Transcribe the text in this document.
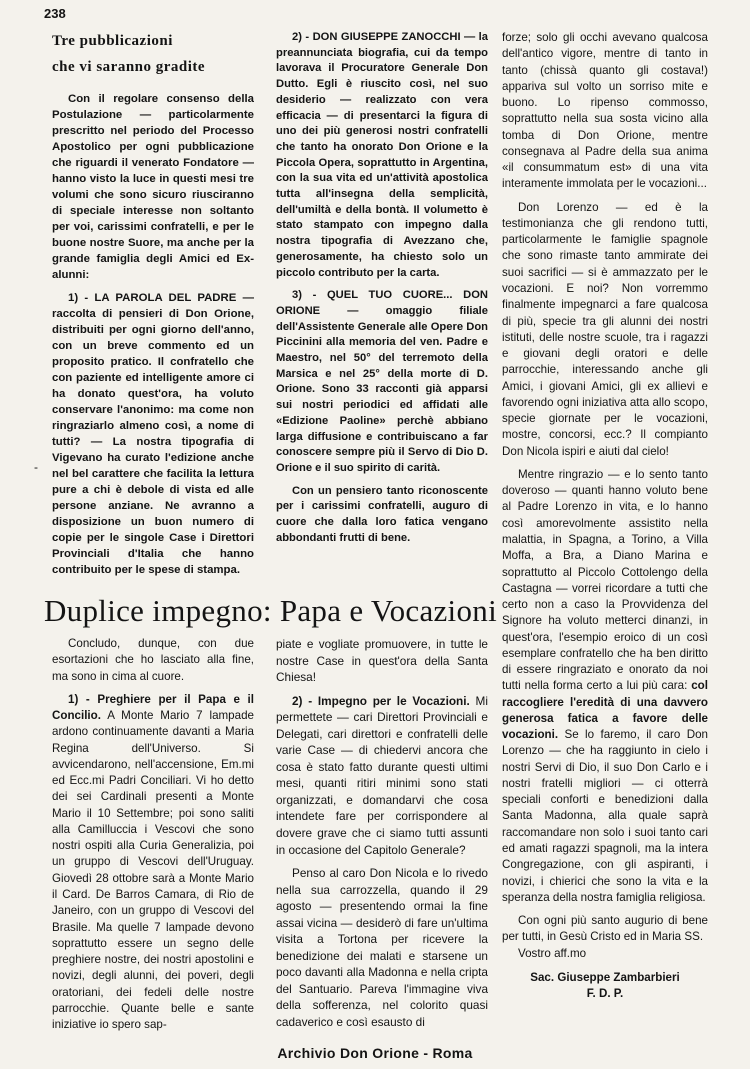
238
-
Tre pubblicazioni
che vi saranno gradite

Con il regolare consenso della Postulazione — particolarmente prescritto nel periodo del Processo Apostolico per ogni pubblicazione che riguardi il venerato Fondatore — hanno visto la luce in questi mesi tre volumi che sono sicuro riusciranno di speciale interesse non soltanto per voi, carissimi confratelli, e per le buone nostre Suore, ma anche per la grande famiglia degli Amici ed Ex-alunni:

1) - LA PAROLA DEL PADRE — raccolta di pensieri di Don Orione, distribuiti per ogni giorno dell'anno, con un breve commento ed un proposito pratico. Il confratello che con paziente ed intelligente amore ci ha donato quest'ora, ha voluto conservare l'anonimo: ma come non ringraziarlo almeno così, a nome di tutti? — La nostra tipografia di Vigevano ha curato l'edizione anche nel bel carattere che facilita la lettura pure a chi è debole di vista ed alle persone anziane. Ne avranno a disposizione un buon numero di copie per le singole Case i Direttori Provinciali d'Italia che hanno contribuito per le spese di stampa.

2) - DON GIUSEPPE ZANOCCHI — la preannunciata biografia, cui da tempo lavorava il Procuratore Generale Don Dutto. Egli è riuscito così, nel suo desiderio — realizzato con vera efficacia — di presentarci la figura di uno dei più generosi nostri confratelli che tanto ha onorato Don Orione e la Piccola Opera, soprattutto in Argentina, con la sua vita ed un'attività apostolica tutta all'insegna della semplicità, dell'umiltà e della bontà. Il volumetto è stato stampato con impegno dalla nostra tipografia di Avezzano che, generosamente, ha chiesto solo un piccolo contributo per la carta.

3) - QUEL TUO CUORE... DON ORIONE — omaggio filiale dell'Assistente Generale alle Opere Don Piccinini alla memoria del ven. Padre e Maestro, nel 50° del terremoto della Marsica e nel 25° della morte di D. Orione. Sono 33 racconti già apparsi sui nostri periodici ed affidati alle «Edizione Paoline» perchè abbiano larga diffusione e contribuiscano a far conoscere sempre più il Servo di Dio D. Orione e il suo spirito di carità.

Con un pensiero tanto riconoscente per i carissimi confratelli, auguro di cuore che dalla loro fatica vengano abbondanti frutti di bene.

forze; solo gli occhi avevano qualcosa dell'antico vigore, mentre di tanto in tanto (chissà quanto gli costava!) appariva sul volto un sorriso mite e buono. Lo ripenso commosso, soprattutto nella sua sosta vicino alla tomba di Don Orione, mentre consegnava al Padre della sua anima «il consummatum est» di una vita interamente immolata per le vocazioni...

Don Lorenzo — ed è la testimonianza che gli rendono tutti, particolarmente le famiglie spagnole che sono rimaste tanto ammirate dei suoi sacrifici — si è ammazzato per le vocazioni. E noi? Non vorremmo finalmente impegnarci a fare qualcosa di più, specie tra gli alunni dei nostri istituti, delle nostre scuole, tra i ragazzi e giovani degli oratori e delle parrocchie, interessando anche gli Amici, i giovani Amici, gli ex allievi e favorendo ogni iniziativa atta allo scopo, specie giornate per le vocazioni, mostre, concorsi, ecc.? Il compianto Don Nicola ispiri e aiuti dal cielo!

Mentre ringrazio — e lo sento tanto doveroso — quanti hanno voluto bene al Padre Lorenzo in vita, e lo hanno così amorevolmente assistito nella malattia, in Spagna, a Torino, a Villa Moffa, a Bra, a Diano Marina e soprattutto al Piccolo Cottolengo della Castagna — vorrei ricordare a tutti che certo non a caso la Provvidenza del Signore ha voluto metterci dinanzi, in quest'ora, l'esempio eroico di un così esemplare confratello che ha ben diritto di essere ringraziato e onorato da noi tutti nella forma certo a lui più cara: col raccogliere l'eredità di una davvero generosa fatica a favore delle vocazioni. Se lo faremo, il caro Don Lorenzo — che ha raggiunto in cielo i nostri Servi di Dio, il suo Don Carlo e i nostri fratelli migliori — ci otterrà speciali conforti e benedizioni dalla Santa Madonna, alla quale saprà raccomandare non solo i suoi tanto cari ed amati ragazzi spagnoli, ma la intera Congregazione, con gli aspiranti, i novizi, i chierici che sono la vita e la speranza della nostra famiglia religiosa.

Con ogni più santo augurio di bene per tutti, in Gesù Cristo ed in Maria SS.

Vostro aff.mo

Sac. Giuseppe Zambarbieri
F. D. P.
Duplice impegno: Papa e Vocazioni

Concludo, dunque, con due esortazioni che ho lasciato alla fine, ma sono in cima al cuore.

1) - Preghiere per il Papa e il Concilio. A Monte Mario 7 lampade ardono continuamente davanti a Maria Regina dell'Universo. Si avvicendarono, nell'accensione, Em.mi ed Ecc.mi Padri Conciliari. Vi ho detto dei sei Cardinali presenti a Monte Mario il 10 Settembre; poi sono saliti alla Camilluccia i Vescovi che sono nostri ospiti alla Curia Generalizia, poi un gruppo di Vescovi dell'Uruguay. Giovedì 28 ottobre sarà a Monte Mario il Card. De Barros Camara, di Rio de Janeiro, con un gruppo di Vescovi del Brasile. Ma quelle 7 lampade devono soprattutto essere un segno delle preghiere nostre, dei nostri apostolini e novizi, degli alunni, dei poveri, degli oratoriani, dei fedeli delle nostre parrocchie. Quante belle e sante iniziative io spero sap-

piate e vogliate promuovere, in tutte le nostre Case in quest'ora della Santa Chiesa!

2) - Impegno per le Vocazioni. Mi permettete — cari Direttori Provinciali e Delegati, cari direttori e confratelli delle varie Case — di chiedervi ancora che cosa è stato fatto durante questi ultimi mesi, quanti ritiri minimi sono stati organizzati, e domandarvi che cosa intendete fare per corrispondere al dovere grave che ci siamo tutti assunti in occasione del Capitolo Generale?

Penso al caro Don Nicola e lo rivedo nella sua carrozzella, quando il 29 agosto — presentendo ormai la fine assai vicina — desiderò di fare un'ultima visita a Tortona per ricevere la benedizione dei malati e starsene un poco davanti alla Madonna e nella cripta del Santuario. Pareva l'immagine viva della sofferenza, nel colorito quasi cadaverico e così esausto di

Archivio Don Orione - Roma
